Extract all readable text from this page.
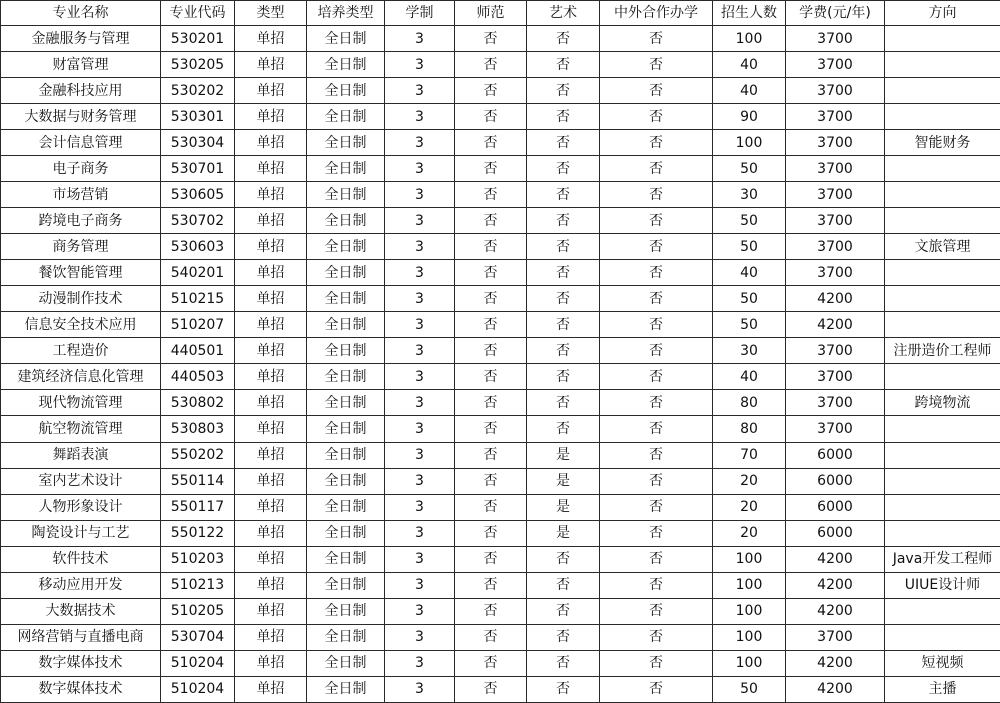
专业名称	专业代码	类型	培养类型	学制	师范	艺术	中外合作办学	招生人数	学费(元/年)	方向
金融服务与管理	530201	单招	全日制	3	否	否	否	100	3700	
财富管理	530205	单招	全日制	3	否	否	否	40	3700	
金融科技应用	530202	单招	全日制	3	否	否	否	40	3700	
大数据与财务管理	530301	单招	全日制	3	否	否	否	90	3700	
会计信息管理	530304	单招	全日制	3	否	否	否	100	3700	智能财务
电子商务	530701	单招	全日制	3	否	否	否	50	3700	
市场营销	530605	单招	全日制	3	否	否	否	30	3700	
跨境电子商务	530702	单招	全日制	3	否	否	否	50	3700	
商务管理	530603	单招	全日制	3	否	否	否	50	3700	文旅管理
餐饮智能管理	540201	单招	全日制	3	否	否	否	40	3700	
动漫制作技术	510215	单招	全日制	3	否	否	否	50	4200	
信息安全技术应用	510207	单招	全日制	3	否	否	否	50	4200	
工程造价	440501	单招	全日制	3	否	否	否	30	3700	注册造价工程师
建筑经济信息化管理	440503	单招	全日制	3	否	否	否	40	3700	
现代物流管理	530802	单招	全日制	3	否	否	否	80	3700	跨境物流
航空物流管理	530803	单招	全日制	3	否	否	否	80	3700	
舞蹈表演	550202	单招	全日制	3	否	是	否	70	6000	
室内艺术设计	550114	单招	全日制	3	否	是	否	20	6000	
人物形象设计	550117	单招	全日制	3	否	是	否	20	6000	
陶瓷设计与工艺	550122	单招	全日制	3	否	是	否	20	6000	
软件技术	510203	单招	全日制	3	否	否	否	100	4200	Java开发工程师
移动应用开发	510213	单招	全日制	3	否	否	否	100	4200	UIUE设计师
大数据技术	510205	单招	全日制	3	否	否	否	100	4200	
网络营销与直播电商	530704	单招	全日制	3	否	否	否	100	3700	
数字媒体技术	510204	单招	全日制	3	否	否	否	100	4200	短视频
数字媒体技术	510204	单招	全日制	3	否	否	否	50	4200	主播
